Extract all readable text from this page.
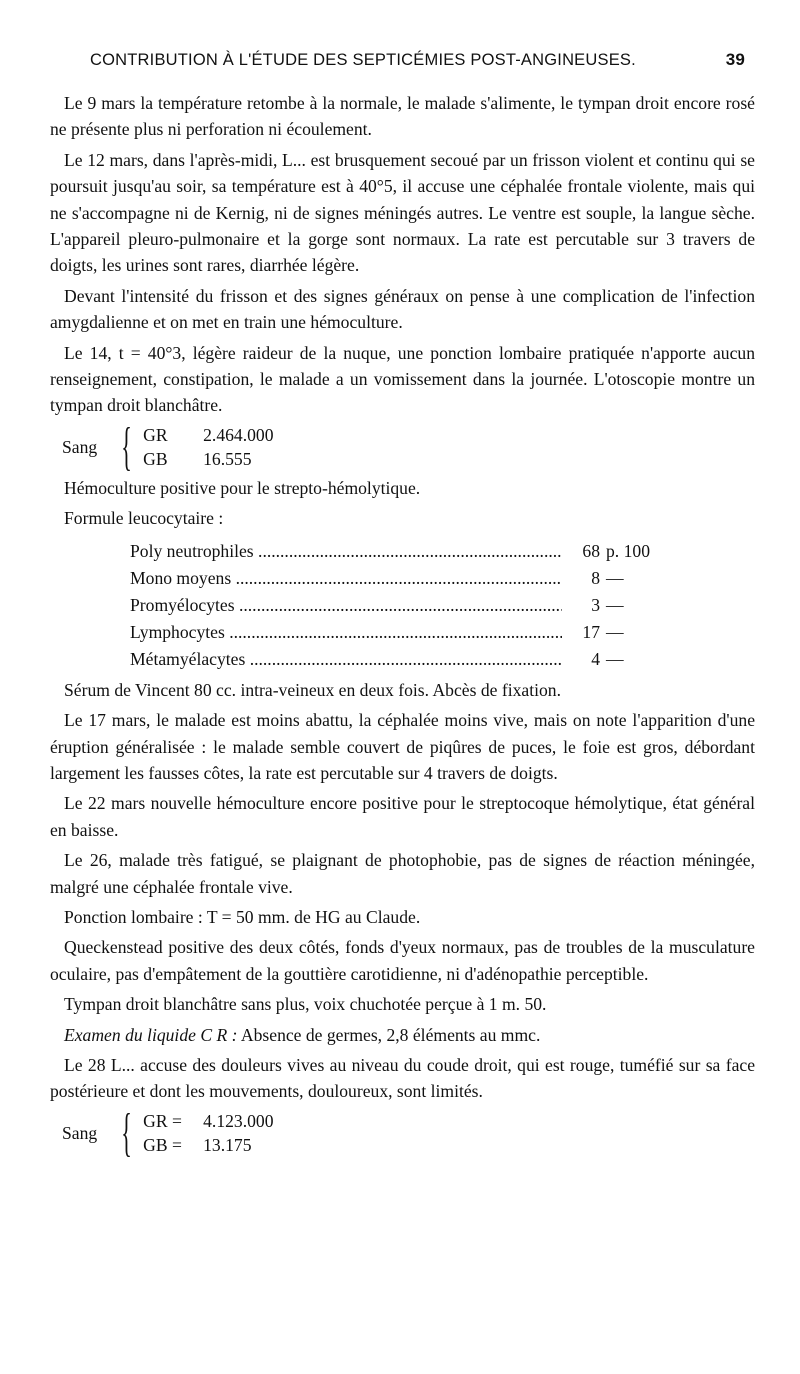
CONTRIBUTION À L'ÉTUDE DES SEPTICÉMIES POST-ANGINEUSES.	39

Le 9 mars la température retombe à la normale, le malade s'alimente, le tympan droit encore rosé ne présente plus ni perforation ni écoulement.

Le 12 mars, dans l'après-midi, L... est brusquement secoué par un frisson violent et continu qui se poursuit jusqu'au soir, sa température est à 40°5, il accuse une céphalée frontale violente, mais qui ne s'accompagne ni de Kernig, ni de signes méningés autres. Le ventre est souple, la langue sèche. L'appareil pleuro-pulmonaire et la gorge sont normaux. La rate est percutable sur 3 travers de doigts, les urines sont rares, diarrhée légère.

Devant l'intensité du frisson et des signes généraux on pense à une complication de l'infection amygdalienne et on met en train une hémoculture.

Le 14, t = 40°3, légère raideur de la nuque, une ponction lombaire pratiquée n'apporte aucun renseignement, constipation, le malade a un vomissement dans la journée. L'otoscopie montre un tympan droit blanchâtre.

Sang { GR	2.464.000
GB	16.555

Hémoculture positive pour le strepto-hémolytique.

Formule leucocytaire :

Poly neutrophiles .....	68 p. 100
Mono moyens .....	8 —
Promyélocytes .....	3 —
Lymphocytes .....	17 —
Métamyélacytes .....	4 —

Sérum de Vincent 80 cc. intra-veineux en deux fois. Abcès de fixation.

Le 17 mars, le malade est moins abattu, la céphalée moins vive, mais on note l'apparition d'une éruption généralisée : le malade semble couvert de piqûres de puces, le foie est gros, débordant largement les fausses côtes, la rate est percutable sur 4 travers de doigts.

Le 22 mars nouvelle hémoculture encore positive pour le streptocoque hémolytique, état général en baisse.

Le 26, malade très fatigué, se plaignant de photophobie, pas de signes de réaction méningée, malgré une céphalée frontale vive.

Ponction lombaire : T = 50 mm. de HG au Claude.

Queckenstead positive des deux côtés, fonds d'yeux normaux, pas de troubles de la musculature oculaire, pas d'empâtement de la gouttière carotidienne, ni d'adénopathie perceptible.

Tympan droit blanchâtre sans plus, voix chuchotée perçue à 1 m. 50.

Examen du liquide C R : Absence de germes, 2,8 éléments au mmc.

Le 28 L... accuse des douleurs vives au niveau du coude droit, qui est rouge, tuméfié sur sa face postérieure et dont les mouvements, douloureux, sont limités.

Sang { GR =	4.123.000
GB =	13.175
